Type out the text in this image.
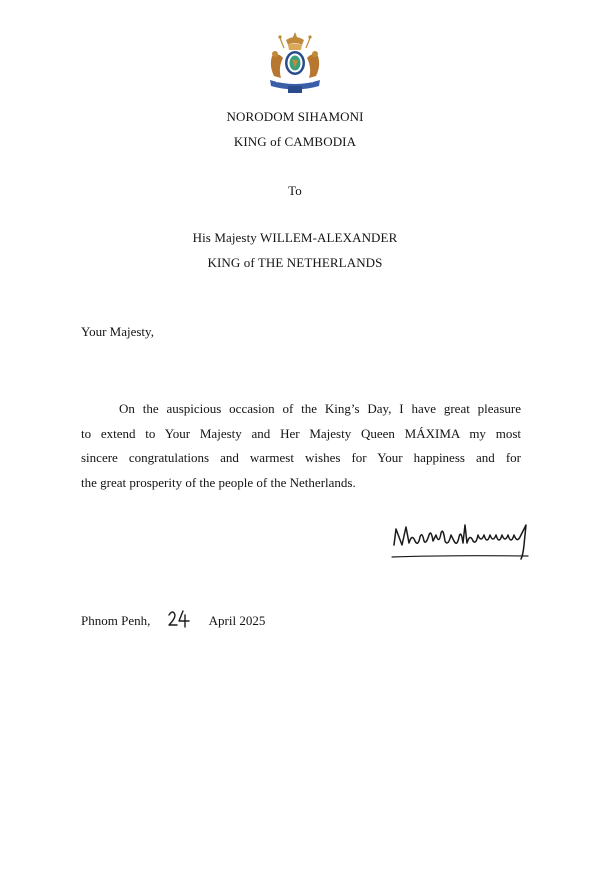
NORODOM SIHAMONI
KING of CAMBODIA
To
His Majesty WILLEM-ALEXANDER
KING of THE NETHERLANDS
Your Majesty,
On the auspicious occasion of the King’s Day, I have great pleasure
to extend to Your Majesty and Her Majesty Queen MÁXIMA my most
sincere congratulations and warmest wishes for Your happiness and for
the great prosperity of the people of the Netherlands.
Phnom Penh,	April 2025
